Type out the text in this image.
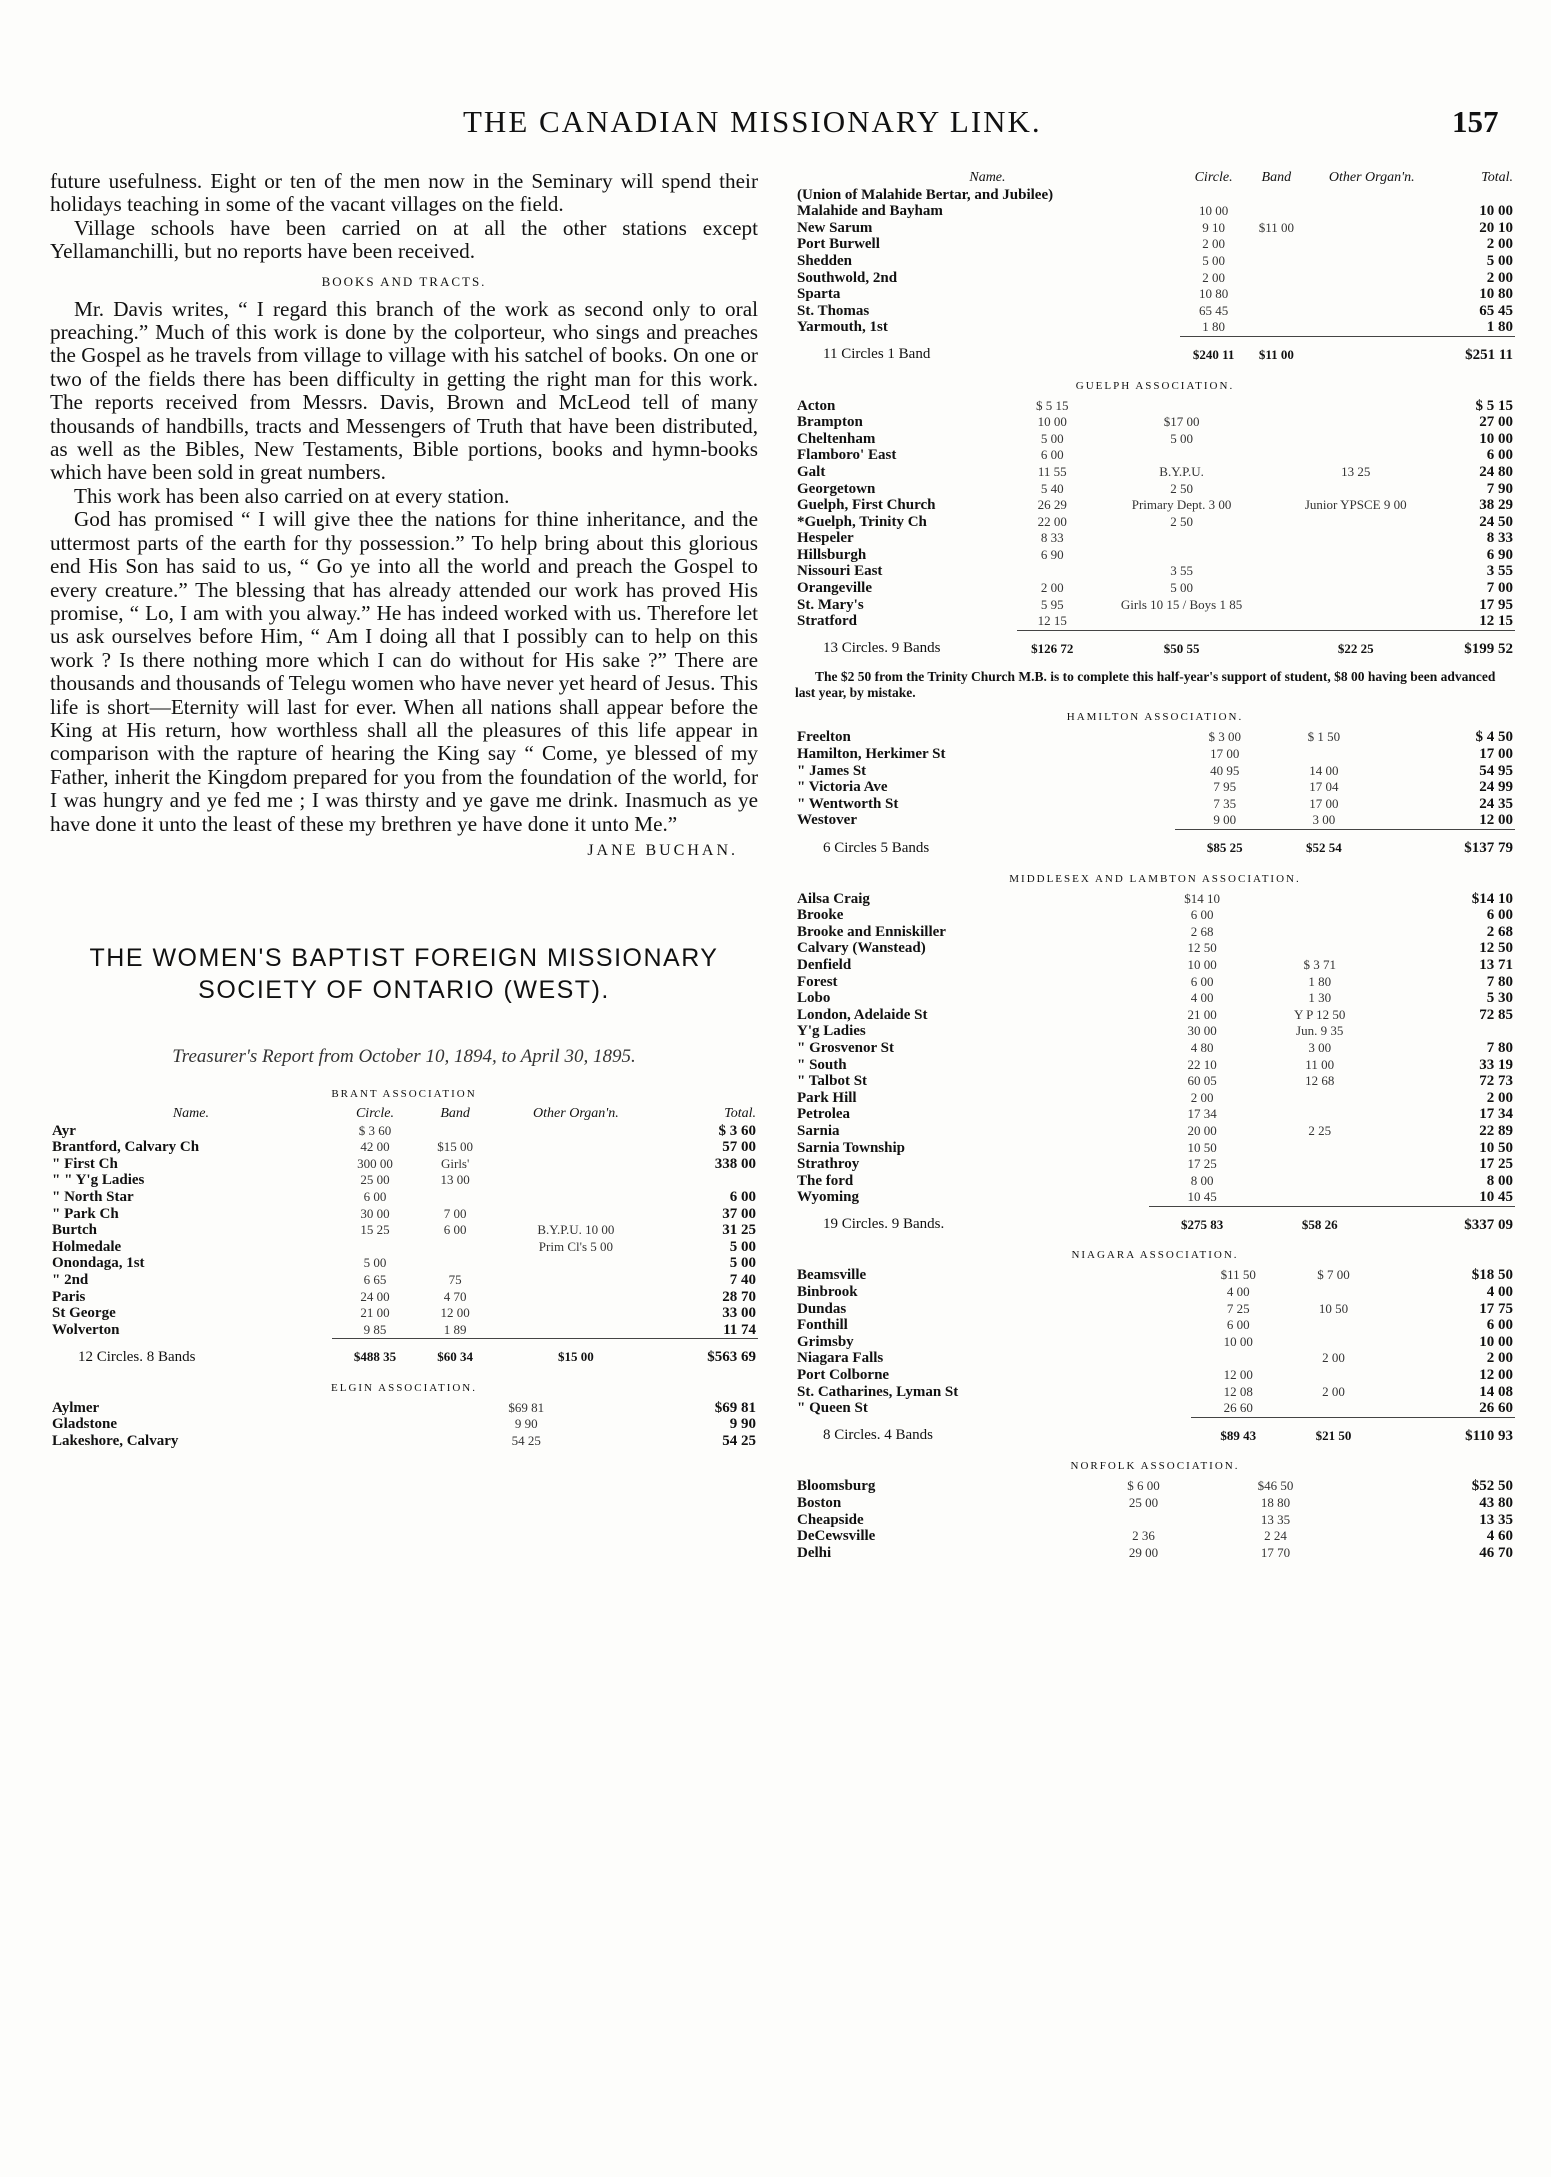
THE CANADIAN MISSIONARY LINK.	157

future usefulness. Eight or ten of the men now in the Seminary will spend their holidays teaching in some of the vacant villages on the field.

Village schools have been carried on at all the other stations except Yellamanchilli, but no reports have been received.

BOOKS AND TRACTS.

Mr. Davis writes, “ I regard this branch of the work as second only to oral preaching.” Much of this work is done by the colporteur, who sings and preaches the Gospel as he travels from village to village with his satchel of books. On one or two of the fields there has been difficulty in getting the right man for this work. The reports received from Messrs. Davis, Brown and McLeod tell of many thousands of handbills, tracts and Messengers of Truth that have been distributed, as well as the Bibles, New Testaments, Bible portions, books and hymn-books which have been sold in great numbers.

This work has been also carried on at every station.

God has promised “ I will give thee the nations for thine inheritance, and the uttermost parts of the earth for thy possession.” To help bring about this glorious end His Son has said to us, “ Go ye into all the world and preach the Gospel to every creature.” The blessing that has already attended our work has proved His promise, “ Lo, I am with you alway.” He has indeed worked with us. Therefore let us ask ourselves before Him, “ Am I doing all that I possibly can to help on this work ? Is there nothing more which I can do without for His sake ?” There are thousands and thousands of Telegu women who have never yet heard of Jesus. This life is short—Eternity will last for ever. When all nations shall appear before the King at His return, how worthless shall all the pleasures of this life appear in comparison with the rapture of hearing the King say “ Come, ye blessed of my Father, inherit the Kingdom prepared for you from the foundation of the world, for I was hungry and ye fed me ; I was thirsty and ye gave me drink. Inasmuch as ye have done it unto the least of these my brethren ye have done it unto Me.”

JANE BUCHAN.
THE WOMEN'S BAPTIST FOREIGN MISSIONARY
SOCIETY OF ONTARIO (WEST).
Treasurer's Report from October 10, 1894, to April 30, 1895.
BRANT ASSOCIATION
Name.	Circle.	Band	Other Organ'n.	Total.
Ayr	$ 3 60			$ 3 60
Brantford, Calvary Ch	42 00	$15 00		57 00
" First Ch	300 00	Girls'		338 00
" " Y'g Ladies	25 00	13 00		
" North Star	6 00			6 00
" Park Ch	30 00	7 00		37 00
Burtch	15 25	6 00	B.Y.P.U. 10 00	31 25
Holmedale			Prim Cl's 5 00	5 00
Onondaga, 1st	5 00			5 00
" 2nd	6 65	75		7 40
Paris	24 00	4 70		28 70
St George	21 00	12 00		33 00
Wolverton	9 85	1 89		11 74
12 Circles. 8 Bands	$488 35	$60 34	$15 00	$563 69
ELGIN ASSOCIATION.
Aylmer	$69 81			$69 81
Gladstone	9 90			9 90
Lakeshore, Calvary	54 25			54 25
Name.	Circle.	Band	Other Organ'n.	Total.
(Union of Malahide Bertar, and Jubilee)				
Malahide and Bayham	10 00			10 00
New Sarum	9 10	$11 00		20 10
Port Burwell	2 00			2 00
Shedden	5 00			5 00
Southwold, 2nd	2 00			2 00
Sparta	10 80			10 80
St. Thomas	65 45			65 45
Yarmouth, 1st	1 80			1 80
11 Circles 1 Band	$240 11	$11 00		$251 11
GUELPH ASSOCIATION.
Acton	$ 5 15			$ 5 15
Brampton	10 00	$17 00		27 00
Cheltenham	5 00	5 00		10 00
Flamboro' East	6 00			6 00
Galt	11 55	B.Y.P.U.	13 25	24 80
Georgetown	5 40	2 50		7 90
Guelph, First Church	26 29	Primary Dept. 3 00	Junior YPSCE 9 00	38 29
*Guelph, Trinity Ch	22 00	2 50		24 50
Hespeler	8 33			8 33
Hillsburgh	6 90			6 90
Nissouri East		3 55		3 55
Orangeville	2 00	5 00		7 00
St. Mary's	5 95	Girls 10 15 / Boys 1 85		17 95
Stratford	12 15			12 15
13 Circles. 9 Bands	$126 72	$50 55	$22 25	$199 52
The $2 50 from the Trinity Church M.B. is to complete this half-year's support of student, $8 00 having been advanced last year, by mistake.
HAMILTON ASSOCIATION.
Freelton	$ 3 00	$ 1 50		$ 4 50
Hamilton, Herkimer St	17 00			17 00
" James St	40 95	14 00		54 95
" Victoria Ave	7 95	17 04		24 99
" Wentworth St	7 35	17 00		24 35
Westover	9 00	3 00		12 00
6 Circles 5 Bands	$85 25	$52 54		$137 79
MIDDLESEX AND LAMBTON ASSOCIATION.
Ailsa Craig	$14 10			$14 10
Brooke	6 00			6 00
Brooke and Enniskiller	2 68			2 68
Calvary (Wanstead)	12 50			12 50
Denfield	10 00	$ 3 71		13 71
Forest	6 00	1 80		7 80
Lobo	4 00	1 30		5 30
London, Adelaide St	21 00	Y P 12 50		72 85
Y'g Ladies	30 00	Jun. 9 35		
" Grosvenor St	4 80	3 00		7 80
" South	22 10	11 00		33 19
" Talbot St	60 05	12 68		72 73
Park Hill	2 00			2 00
Petrolea	17 34			17 34
Sarnia	20 00	2 25		22 89
Sarnia Township	10 50			10 50
Strathroy	17 25			17 25
The ford	8 00			8 00
Wyoming	10 45			10 45
19 Circles. 9 Bands.	$275 83	$58 26		$337 09
NIAGARA ASSOCIATION.
Beamsville	$11 50	$ 7 00		$18 50
Binbrook	4 00			4 00
Dundas	7 25	10 50		17 75
Fonthill	6 00			6 00
Grimsby	10 00			10 00
Niagara Falls		2 00		2 00
Port Colborne	12 00			12 00
St. Catharines, Lyman St	12 08	2 00		14 08
" Queen St	26 60			26 60
8 Circles. 4 Bands	$89 43	$21 50		$110 93
NORFOLK ASSOCIATION.
Bloomsburg	$ 6 00	$46 50		$52 50
Boston	25 00	18 80		43 80
Cheapside		13 35		13 35
DeCewsville	2 36	2 24		4 60
Delhi	29 00	17 70		46 70
